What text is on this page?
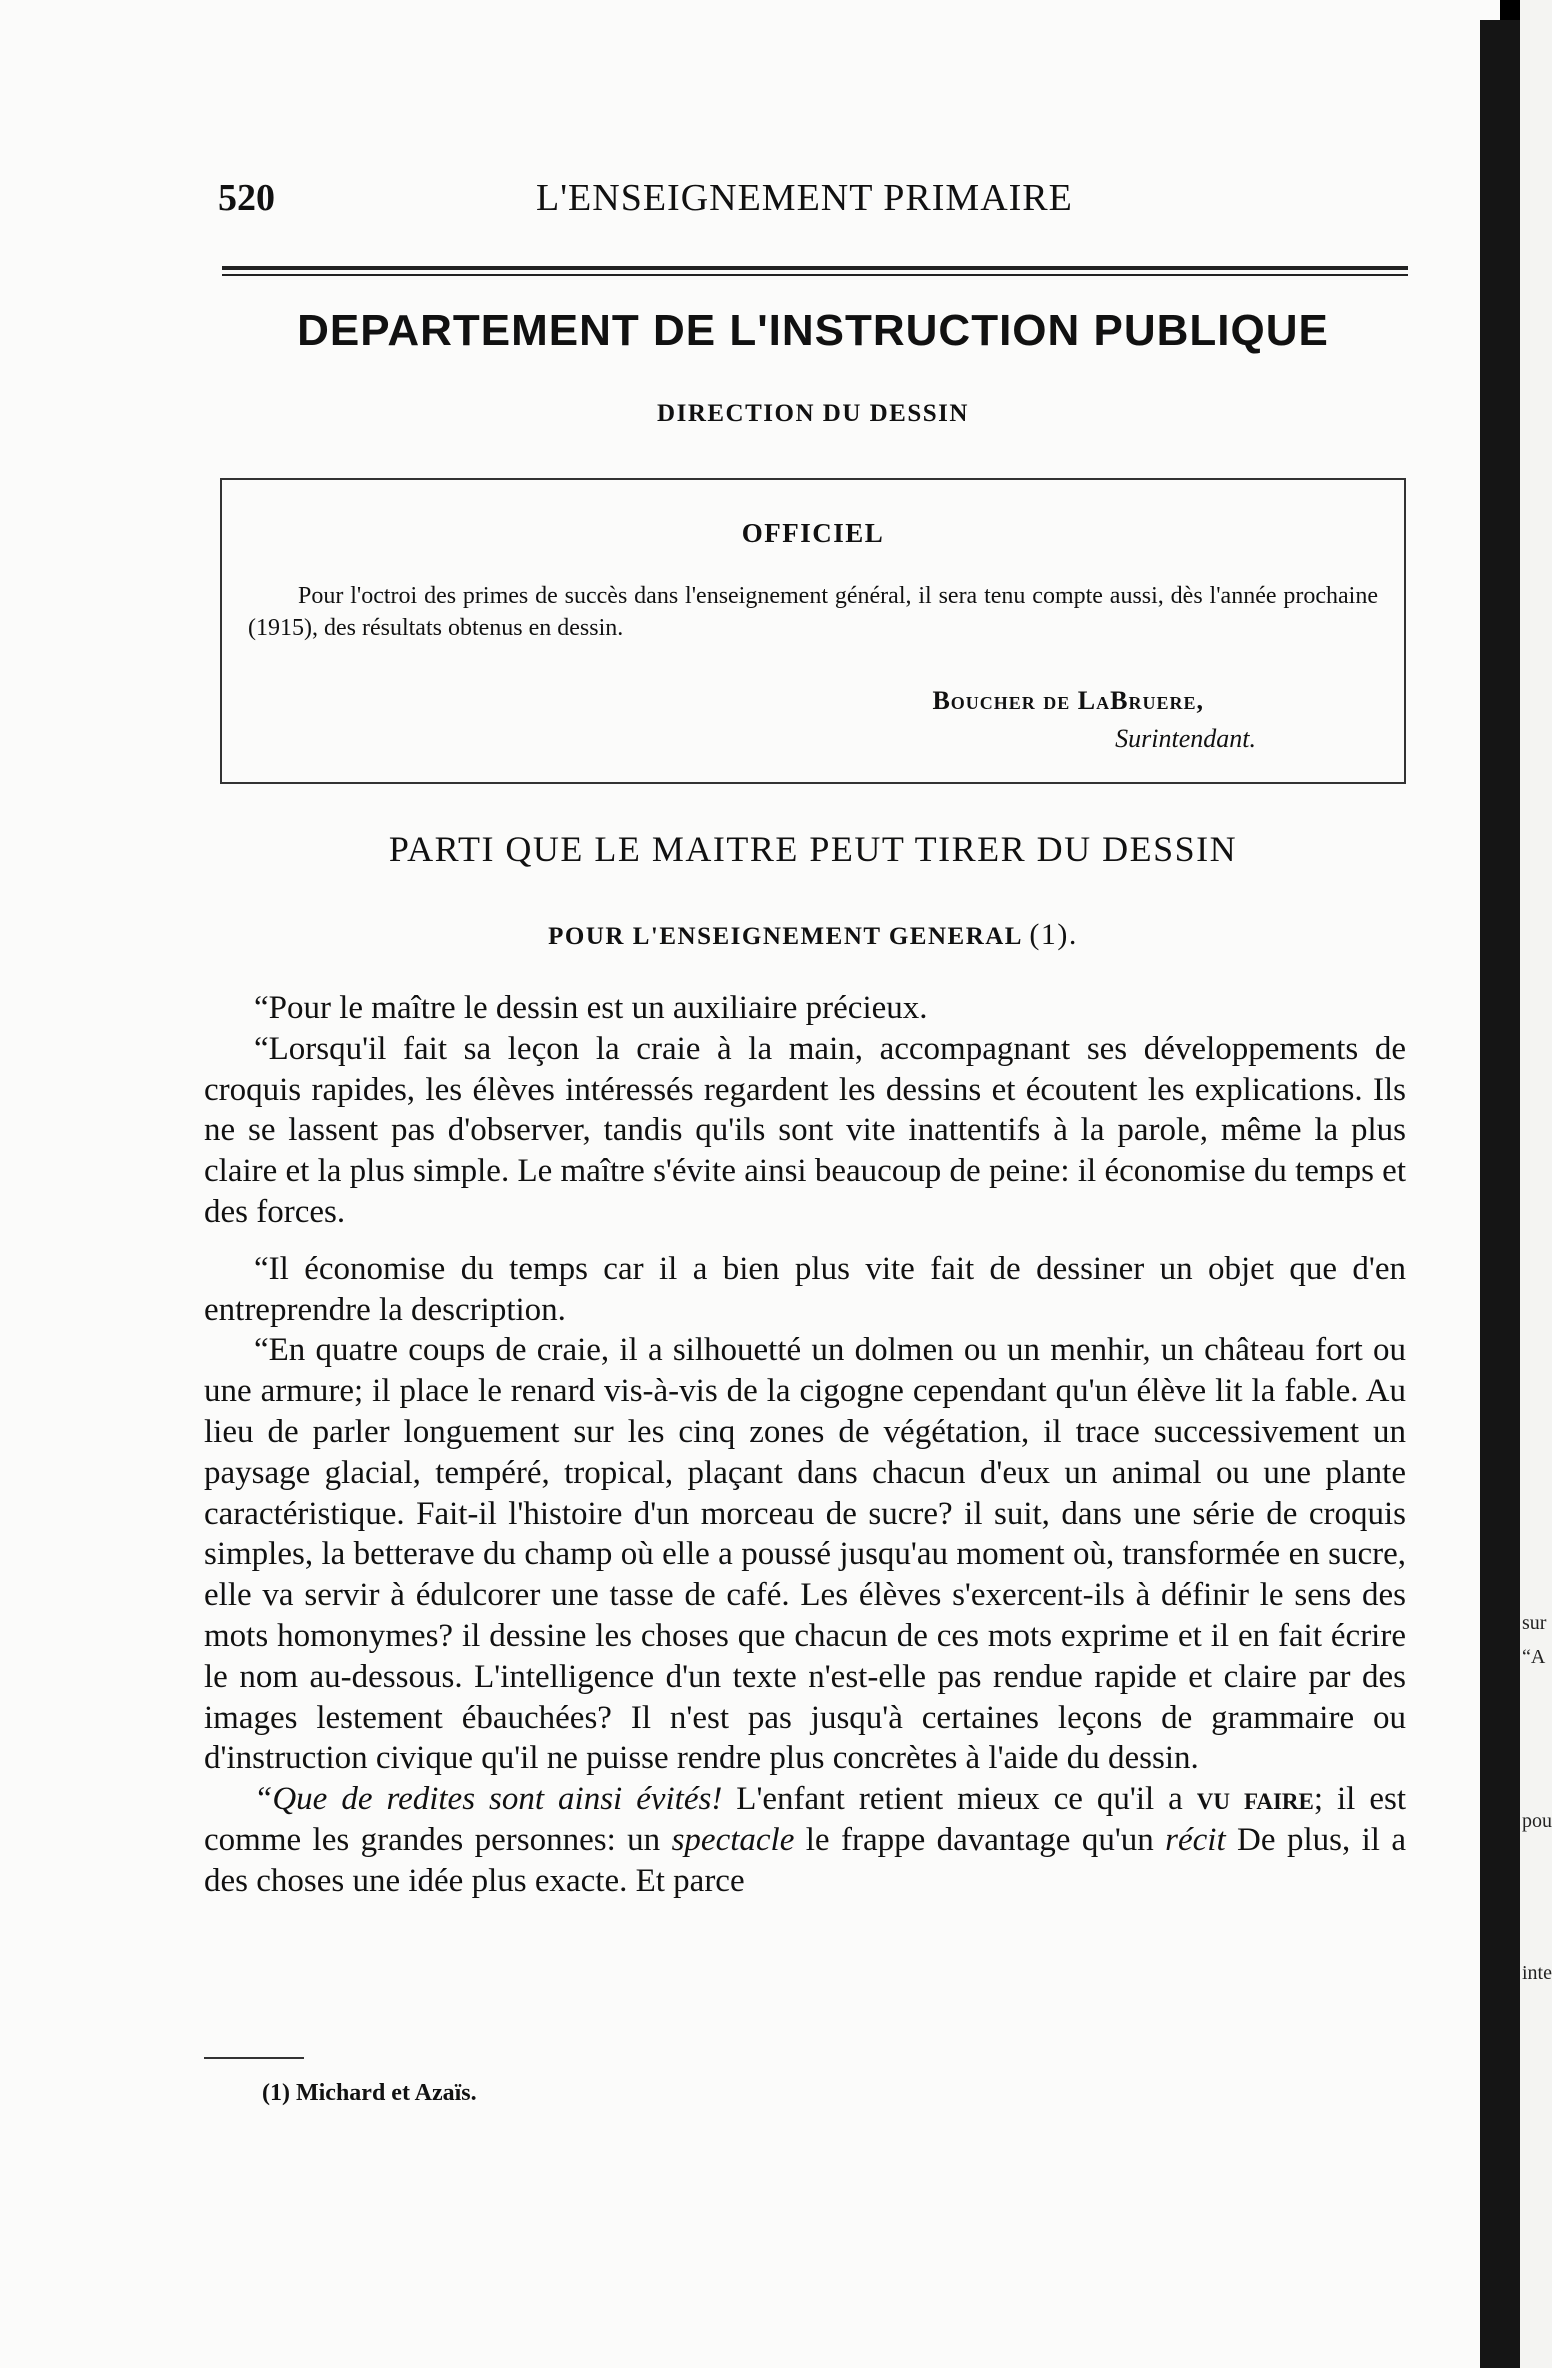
520	L'ENSEIGNEMENT PRIMAIRE
DEPARTEMENT DE L'INSTRUCTION PUBLIQUE
DIRECTION DU DESSIN
OFFICIEL
Pour l'octroi des primes de succès dans l'enseignement général, il sera tenu compte aussi, dès l'année prochaine (1915), des résultats obtenus en dessin.
Boucher de LaBruere,
Surintendant.
PARTI QUE LE MAITRE PEUT TIRER DU DESSIN
POUR L'ENSEIGNEMENT GENERAL (1).

“Pour le maître le dessin est un auxiliaire précieux.

“Lorsqu'il fait sa leçon la craie à la main, accompagnant ses développements de croquis rapides, les élèves intéressés regardent les dessins et écoutent les explications. Ils ne se lassent pas d'observer, tandis qu'ils sont vite inattentifs à la parole, même la plus claire et la plus simple. Le maître s'évite ainsi beaucoup de peine: il économise du temps et des forces.

“Il économise du temps car il a bien plus vite fait de dessiner un objet que d'en entreprendre la description.

“En quatre coups de craie, il a silhouetté un dolmen ou un menhir, un château fort ou une armure; il place le renard vis-à-vis de la cigogne cependant qu'un élève lit la fable. Au lieu de parler longuement sur les cinq zones de végétation, il trace successivement un paysage glacial, tempéré, tropical, plaçant dans chacun d'eux un animal ou une plante caractéristique. Fait-il l'histoire d'un morceau de sucre? il suit, dans une série de croquis simples, la betterave du champ où elle a poussé jusqu'au moment où, transformée en sucre, elle va servir à édulcorer une tasse de café. Les élèves s'exercent-ils à définir le sens des mots homonymes? il dessine les choses que chacun de ces mots exprime et il en fait écrire le nom au-dessous. L'intelligence d'un texte n'est-elle pas rendue rapide et claire par des images lestement ébauchées? Il n'est pas jusqu'à certaines leçons de grammaire ou d'instruction civique qu'il ne puisse rendre plus concrètes à l'aide du dessin.

“Que de redites sont ainsi évités! L'enfant retient mieux ce qu'il a vu faire; il est comme les grandes personnes: un spectacle le frappe davantage qu'un récit De plus, il a des choses une idée plus exacte. Et parce

(1) Michard et Azaïs.
sur
“A
pou
inte
